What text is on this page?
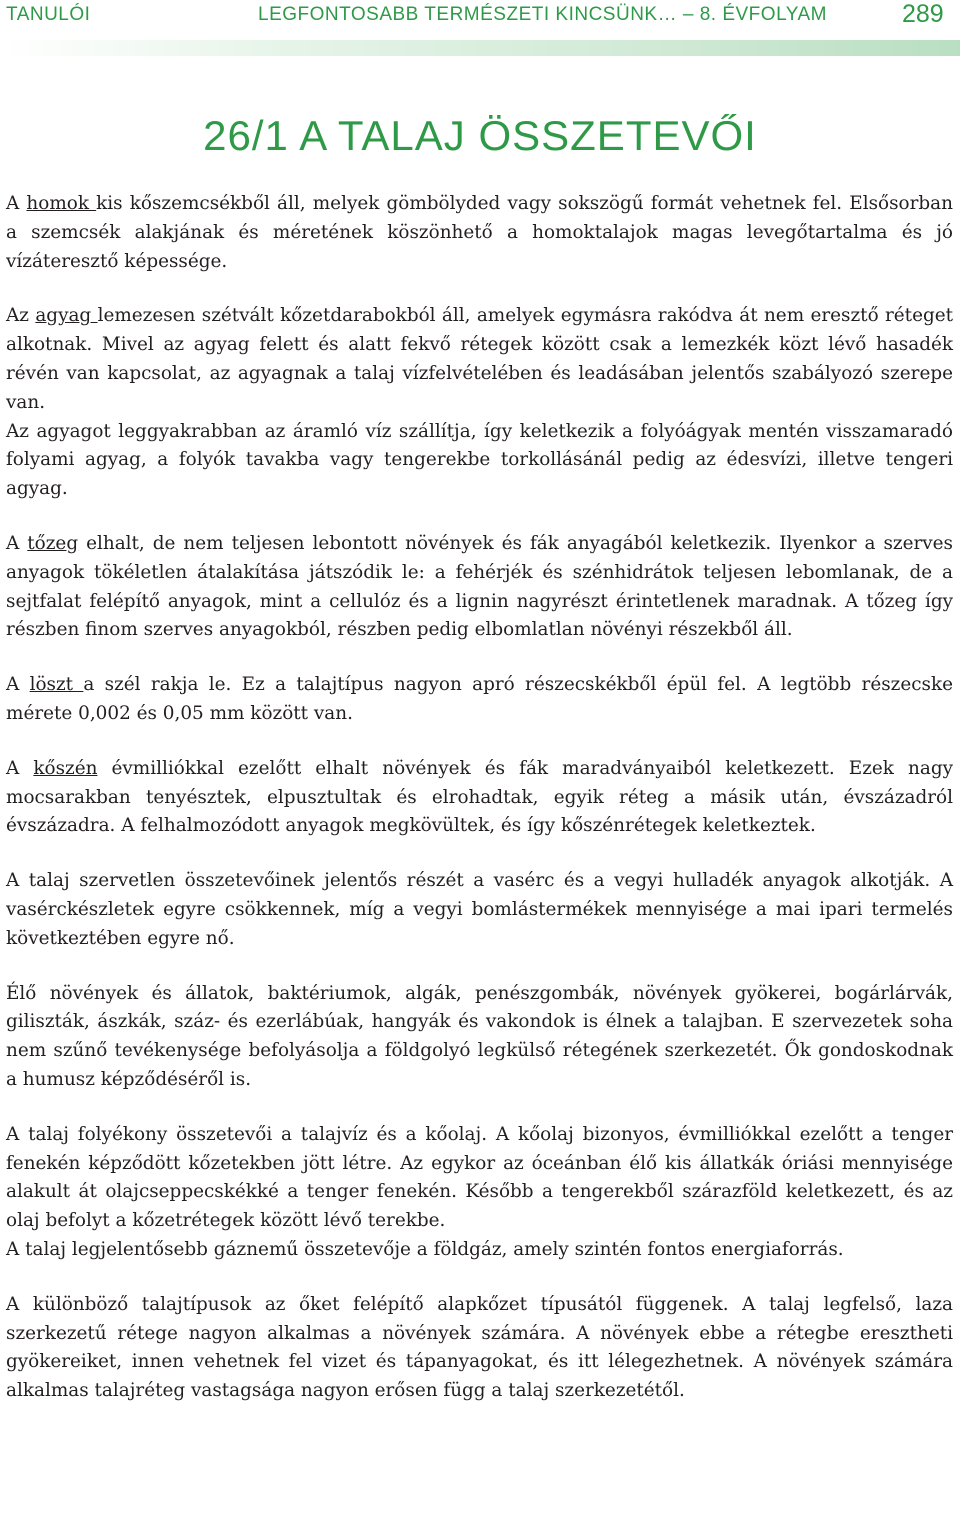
TANULÓI	LEGFONTOSABB TERMÉSZETI KINCSÜNK… – 8. ÉVFOLYAM	289
26/1 A TALAJ ÖSSZETEVŐI

A homok kis kőszemcsékből áll, melyek gömbölyded vagy sokszögű formát vehetnek fel. Elsősorban a szemcsék alakjának és méretének köszönhető a homoktalajok magas levegőtartalma és jó vízáteresztő képessége.

Az agyag lemezesen szétvált kőzetdarabokból áll, amelyek egymásra rakódva át nem eresztő réteget alkotnak. Mivel az agyag felett és alatt fekvő rétegek között csak a lemezkék közt lévő hasadék révén van kapcsolat, az agyagnak a talaj vízfelvételében és leadásában jelentős szabályozó szerepe van.

Az agyagot leggyakrabban az áramló víz szállítja, így keletkezik a folyóágyak mentén visszamaradó folyami agyag, a folyók tavakba vagy tengerekbe torkollásánál pedig az édesvízi, illetve tengeri agyag.

A tőzeg elhalt, de nem teljesen lebontott növények és fák anyagából keletkezik. Ilyenkor a szerves anyagok tökéletlen átalakítása játszódik le: a fehérjék és szénhidrátok teljesen lebomlanak, de a sejtfalat felépítő anyagok, mint a cellulóz és a lignin nagyrészt érintetlenek maradnak. A tőzeg így részben finom szerves anyagokból, részben pedig elbomlatlan növényi részekből áll.

A löszt a szél rakja le. Ez a talajtípus nagyon apró részecskékből épül fel. A legtöbb részecske mérete 0,002 és 0,05 mm között van.

A kőszén évmilliókkal ezelőtt elhalt növények és fák maradványaiból keletkezett. Ezek nagy mocsarakban tenyésztek, elpusztultak és elrohadtak, egyik réteg a másik után, évszázadról évszázadra. A felhalmozódott anyagok megkövültek, és így kőszénrétegek keletkeztek.

A talaj szervetlen összetevőinek jelentős részét a vasérc és a vegyi hulladék anyagok alkotják. A vasérckészletek egyre csökkennek, míg a vegyi bomlástermékek mennyisége a mai ipari termelés következtében egyre nő.

Élő növények és állatok, baktériumok, algák, penészgombák, növények gyökerei, bogárlárvák, giliszták, ászkák, száz- és ezerlábúak, hangyák és vakondok is élnek a talajban. E szervezetek soha nem szűnő tevékenysége befolyásolja a földgolyó legkülső rétegének szerkezetét. Ők gondoskodnak a humusz képződéséről is.

A talaj folyékony összetevői a talajvíz és a kőolaj. A kőolaj bizonyos, évmilliókkal ezelőtt a tenger fenekén képződött kőzetekben jött létre. Az egykor az óceánban élő kis állatkák óriási mennyisége alakult át olajcseppecskékké a tenger fenekén. Később a tengerekből szárazföld keletkezett, és az olaj befolyt a kőzetrétegek között lévő terekbe.

A talaj legjelentősebb gáznemű összetevője a földgáz, amely szintén fontos energiaforrás.

A különböző talajtípusok az őket felépítő alapkőzet típusától függenek. A talaj legfelső, laza szerkezetű rétege nagyon alkalmas a növények számára. A növények ebbe a rétegbe eresztheti gyökereiket, innen vehetnek fel vizet és tápanyagokat, és itt lélegezhetnek. A növények számára alkalmas talajréteg vastagsága nagyon erősen függ a talaj szerkezetétől.
